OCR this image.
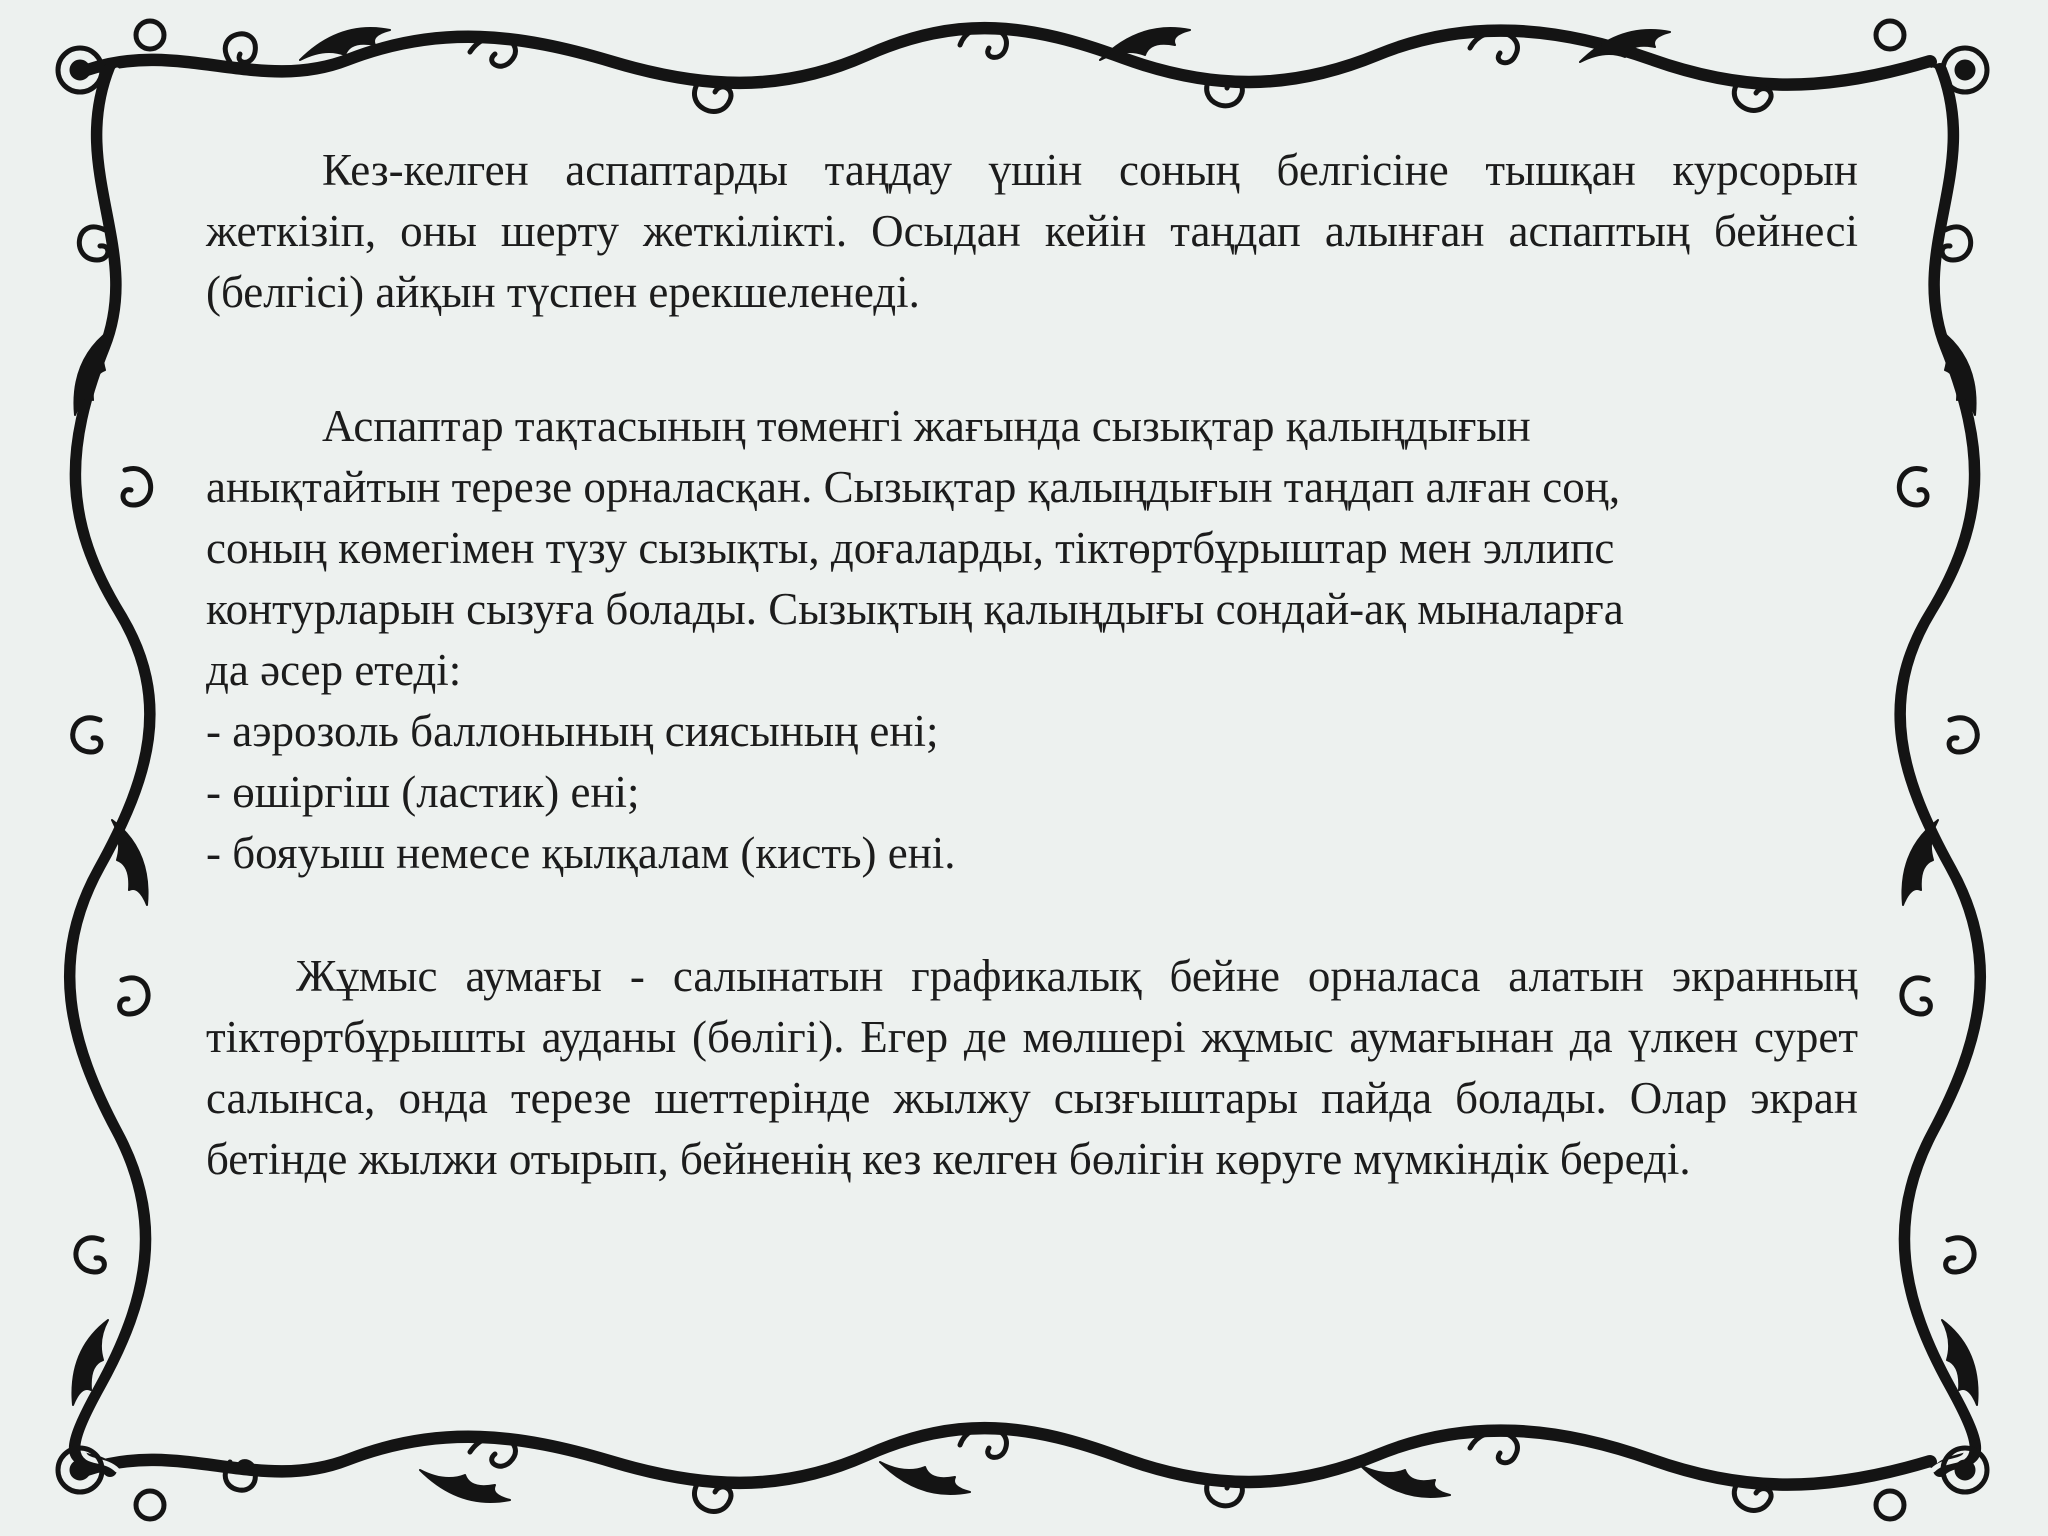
Кез-келген аспаптарды таңдау үшін соның белгісіне тышқан курсорын жеткізіп, оны шерту жеткілікті. Осыдан кейін таңдап алынған аспаптың бейнесі (белгісі) айқын түспен ерекшеленеді.

Аспаптар тақтасының төменгі жағында сызықтар қалыңдығын
анықтайтын терезе орналасқан. Сызықтар қалыңдығын таңдап алған соң,
соның көмегімен түзу сызықты, доғаларды, тіктөртбұрыштар мен эллипс
контурларын сызуға болады. Сызықтың қалыңдығы сондай-ақ мыналарға
да әсер етеді:
- аэрозоль баллонының сиясының ені;
- өшіргіш (ластик) ені;
- бояуыш немесе қылқалам (кисть) ені.

Жұмыс аумағы - салынатын графикалық бейне орналаса алатын экранның тіктөртбұрышты ауданы (бөлігі). Егер де мөлшері жұмыс аумағынан да үлкен сурет салынса, онда терезе шеттерінде жылжу сызғыштары пайда болады. Олар экран бетінде жылжи отырып, бейненің кез келген бөлігін көруге мүмкіндік береді.
